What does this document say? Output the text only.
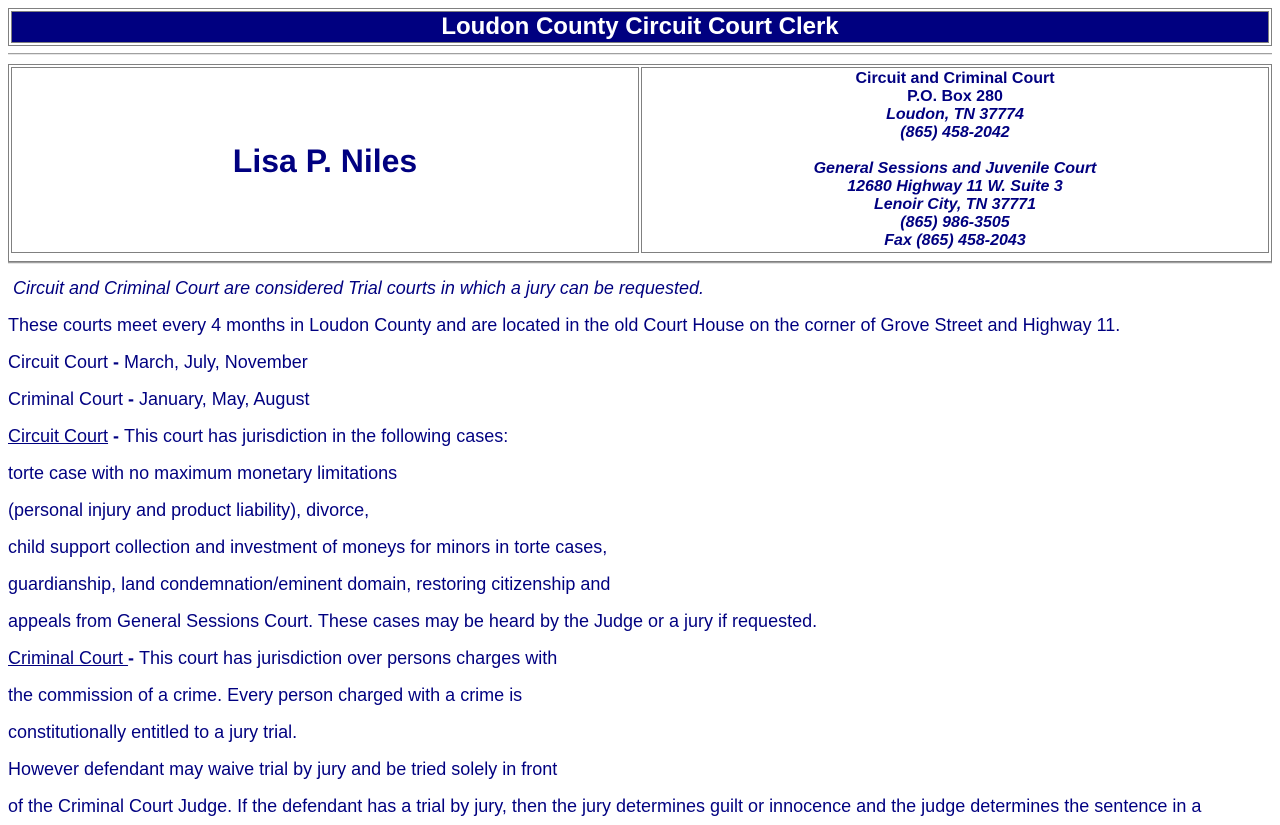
Loudon County Circuit Court Clerk
Lisa P. Niles
Circuit and Criminal Court
P.O. Box 280
Loudon, TN 37774
(865) 458-2042
General Sessions and Juvenile Court
12680 Highway 11 W. Suite 3
Lenoir City, TN 37771
(865) 986-3505
Fax (865) 458-2043

Circuit and Criminal Court are considered Trial courts in which a jury can be requested.

These courts meet every 4 months in Loudon County and are located in the old Court House on the corner of Grove Street and Highway 11.

Circuit Court - March, July, November

Criminal Court - January, May, August

Circuit Court - This court has jurisdiction in the following cases:

torte case with no maximum monetary limitations

(personal injury and product liability), divorce,

child support collection and investment of moneys for minors in torte cases,

guardianship, land condemnation/eminent domain, restoring citizenship and

appeals from General Sessions Court. These cases may be heard by the Judge or a jury if requested.

Criminal Court - This court has jurisdiction over persons charges with

the commission of a crime. Every person charged with a crime is

constitutionally entitled to a jury trial.

However defendant may waive trial by jury and be tried solely in front

of the Criminal Court Judge. If the defendant has a trial by jury, then the jury determines guilt or innocence and the judge determines the sentence in a
